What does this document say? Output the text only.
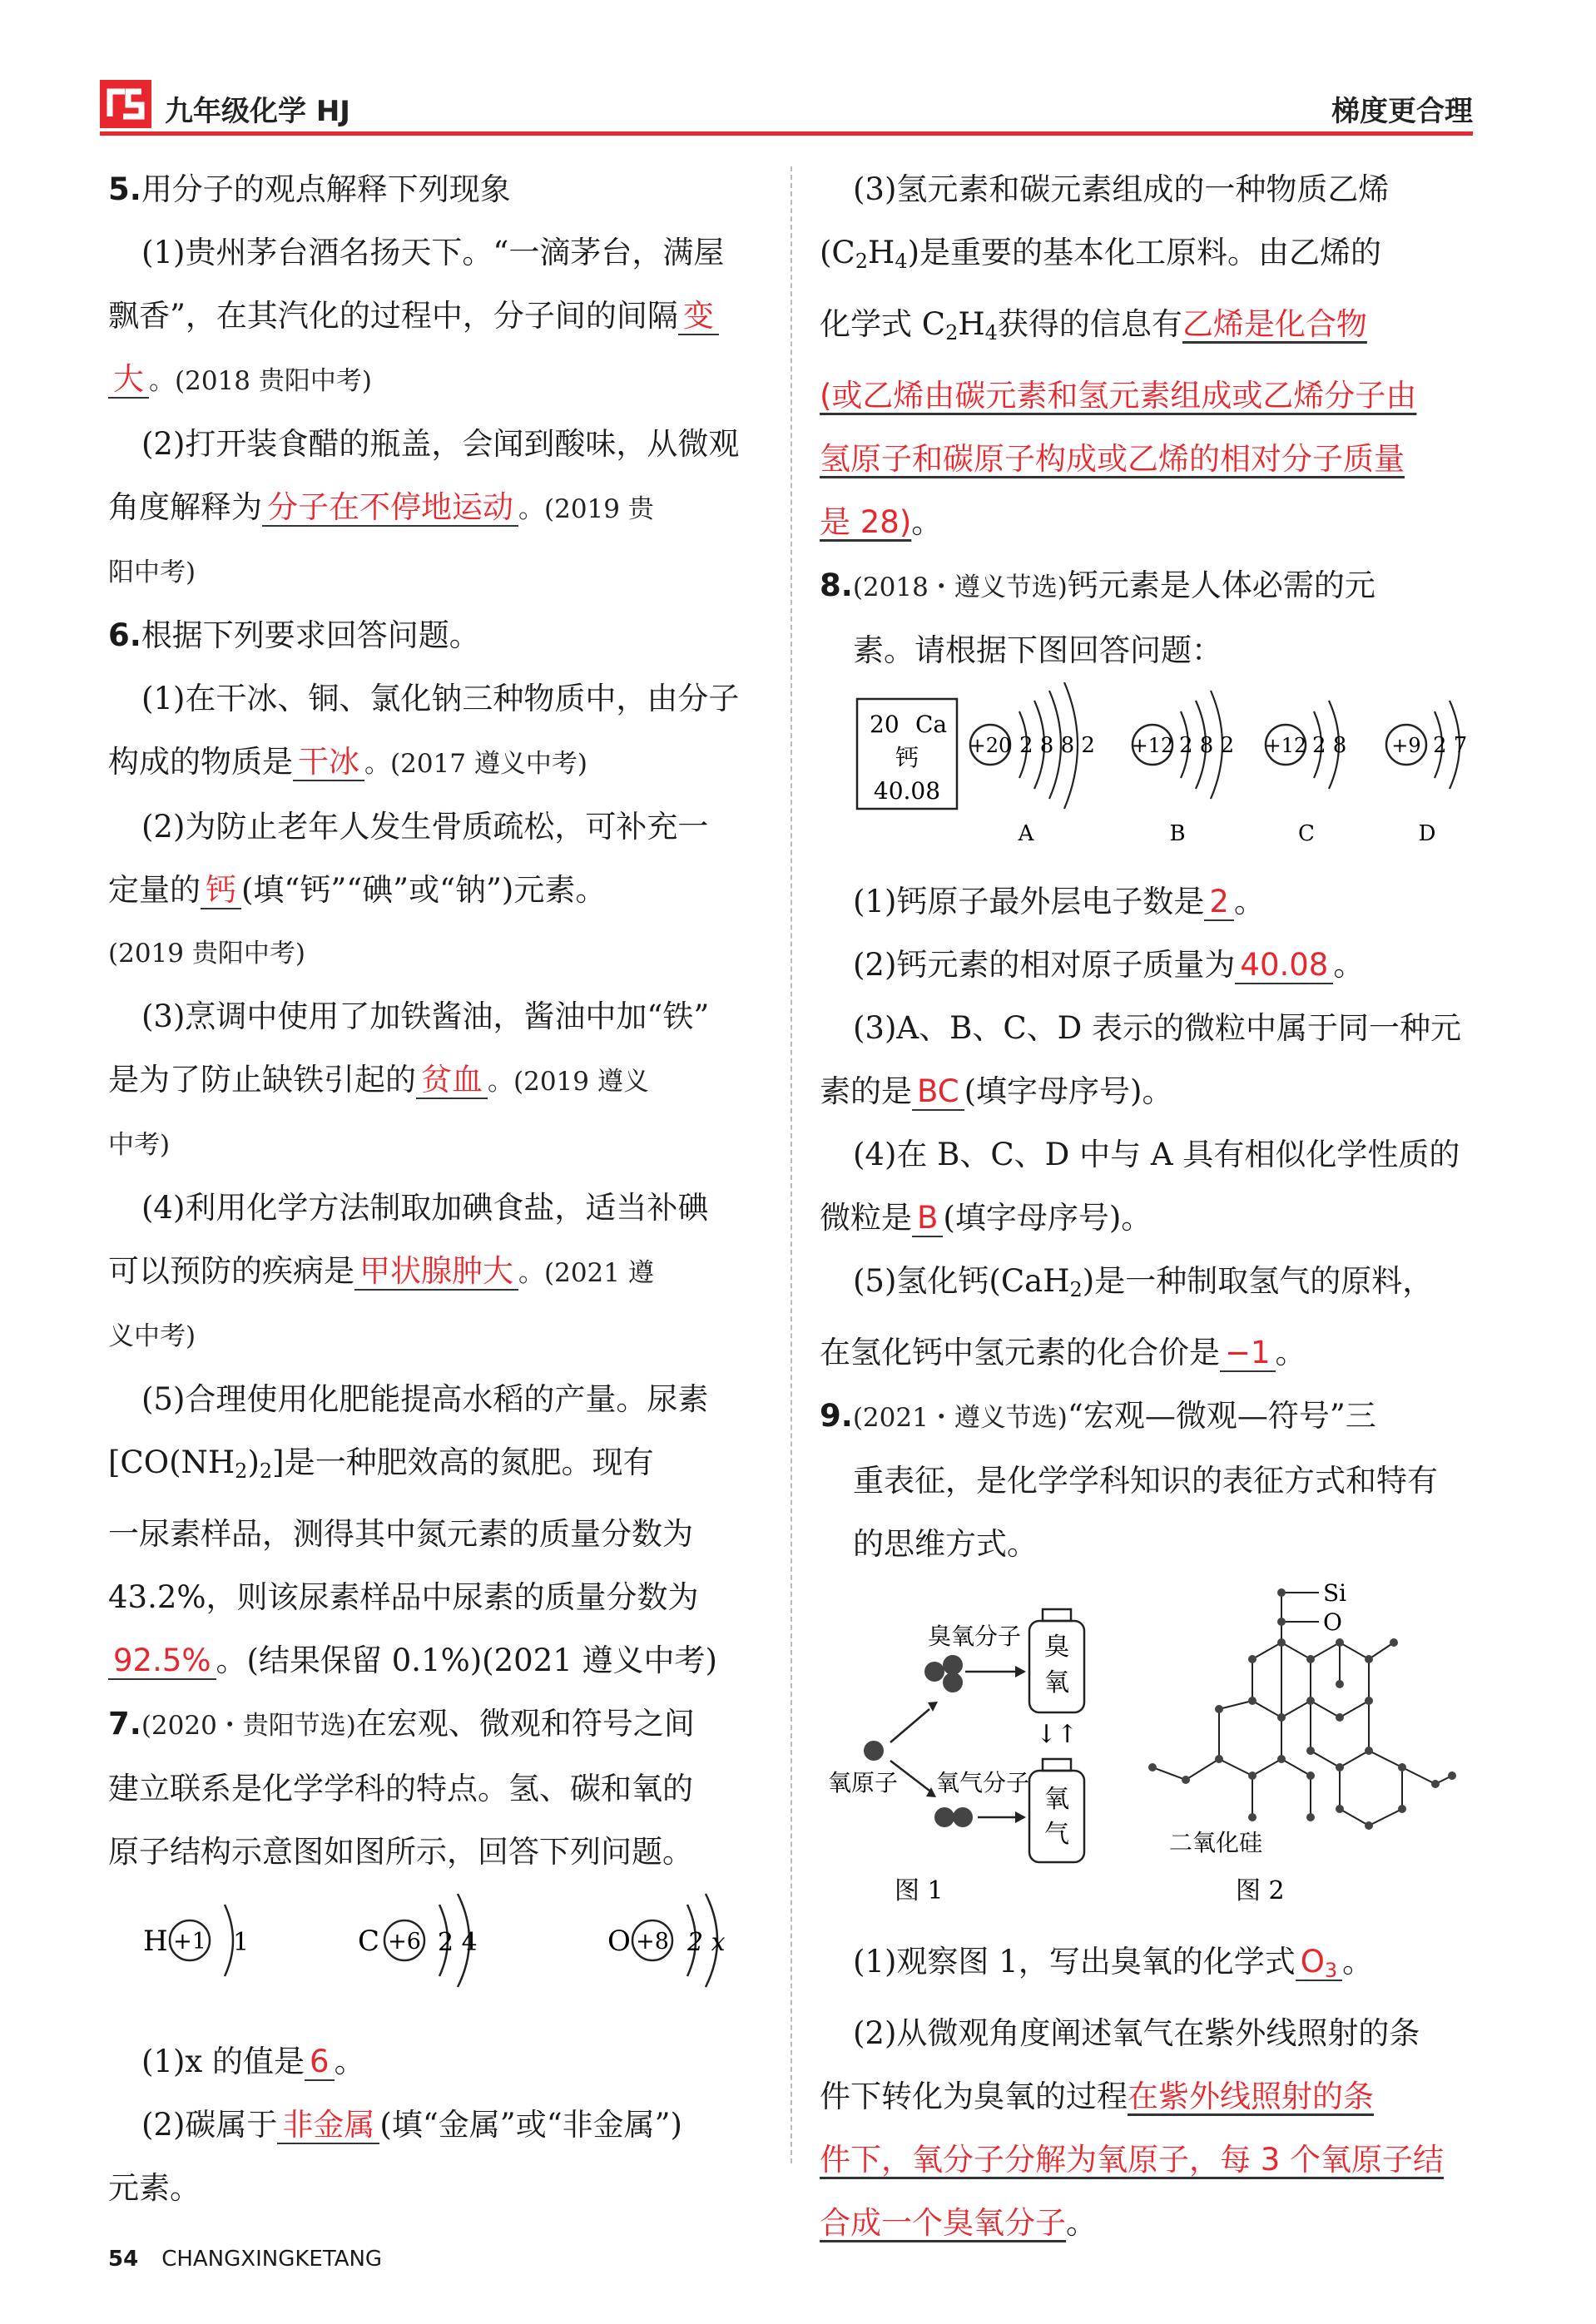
九年级化学 HJ	梯度更合理

5.用分子的观点解释下列现象

(1)贵州茅台酒名扬天下。“一滴茅台，满屋

飘香”，在其汽化的过程中，分子间的间隔 变

大 。(2018 贵阳中考)

(2)打开装食醋的瓶盖，会闻到酸味，从微观

角度解释为 分子在不停地运动 。(2019 贵

阳中考)

6.根据下列要求回答问题。

(1)在干冰、铜、氯化钠三种物质中，由分子

构成的物质是 干冰 。(2017 遵义中考)

(2)为防止老年人发生骨质疏松，可补充一

定量的 钙 (填“钙”“碘”或“钠”)元素。

(2019 贵阳中考)

(3)烹调中使用了加铁酱油，酱油中加“铁”

是为了防止缺铁引起的 贫血 。(2019 遵义

中考)

(4)利用化学方法制取加碘食盐，适当补碘

可以预防的疾病是 甲状腺肿大 。(2021 遵

义中考)

(5)合理使用化肥能提高水稻的产量。尿素

$[CO(NH_2)_2]$是一种肥效高的氮肥。现有

一尿素样品，测得其中氮元素的质量分数为

43.2%，则该尿素样品中尿素的质量分数为

92.5% 。(结果保留 0.1%)(2021 遵义中考)

7.(2020・贵阳节选)在宏观、微观和符号之间

建立联系是化学学科的特点。氢、碳和氧的

原子结构示意图如图所示，回答下列问题。

H +1 1	C +6 2 4	O +8 2 x

(1)x 的值是 6 。

(2)碳属于 非金属 (填“金属”或“非金属”)

元素。

(3)氢元素和碳元素组成的一种物质乙烯

$(C_2H_4)$是重要的基本化工原料。由乙烯的

化学式 $C_2H_4$获得的信息有乙烯是化合物

(或乙烯由碳元素和氢元素组成或乙烯分子由

氢原子和碳原子构成或乙烯的相对分子质量

是 28)。

8.(2018・遵义节选)钙元素是人体必需的元

素。请根据下图回答问题：

20 Ca
钙
40.08
+20 2 8 8 2
A
+12 2 8 2
B
+12 2 8
C
+9 2 7
D

(1)钙原子最外层电子数是 2 。

(2)钙元素的相对原子质量为 40.08 。

(3)A、B、C、D 表示的微粒中属于同一种元

素的是 BC (填字母序号)。

(4)在 B、C、D 中与 A 具有相似化学性质的

微粒是 B (填字母序号)。

(5)氢化钙(CaH$_2$)是一种制取氢气的原料，

在氢化钙中氢元素的化合价是 −1 。

9.(2021・遵义节选)“宏观—微观—符号”三

重表征，是化学学科知识的表征方式和特有

的思维方式。

臭氧分子 臭
氧
↓↑
氧原子 氧气分子
氧
气
图 1
Si
O
二氧化硅
图 2

(1)观察图 1，写出臭氧的化学式 $O_3$ 。

(2)从微观角度阐述氧气在紫外线照射的条

件下转化为臭氧的过程在紫外线照射的条

件下，氧分子分解为氧原子，每 3 个氧原子结

合成一个臭氧分子。

54 CHANGXINGKETANG
